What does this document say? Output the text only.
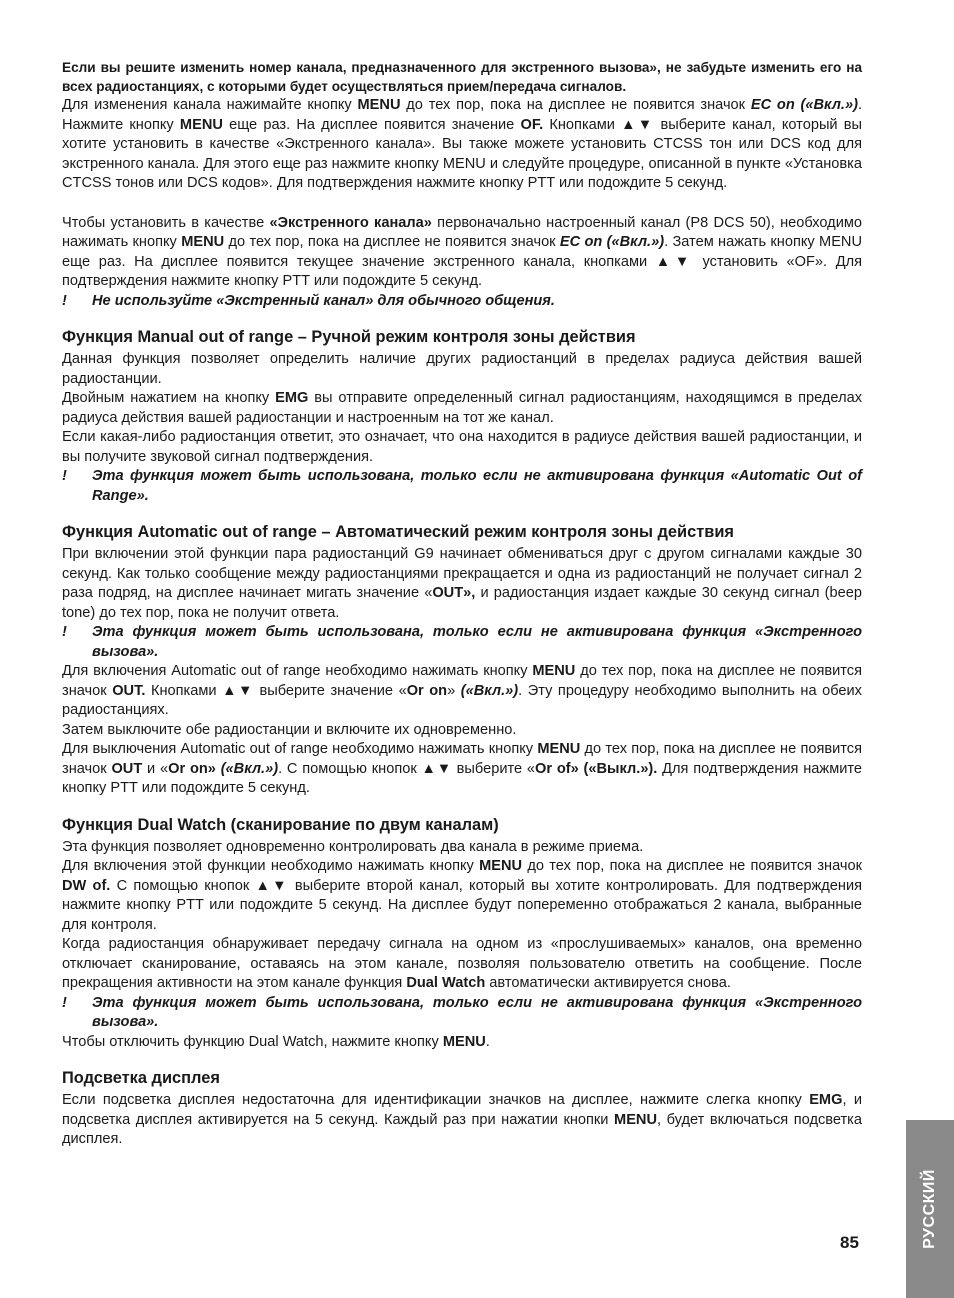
Если вы решите изменить номер канала, предназначенного для экстренного вызова», не забудьте изменить его на всех радиостанциях, с которыми будет осуществляться прием/передача сигналов.

Для изменения канала нажимайте кнопку MENU до тех пор, пока на дисплее не появится значок EC on («Вкл.»). Нажмите кнопку MENU еще раз. На дисплее появится значение OF. Кнопками ▲▼ выберите канал, который вы хотите установить в качестве «Экстренного канала». Вы также можете установить CTCSS тон или DCS код для экстренного канала. Для этого еще раз нажмите кнопку MENU и следуйте процедуре, описанной в пункте «Установка CTCSS тонов или DCS кодов». Для подтверждения нажмите кнопку PTT или подождите 5 секунд.

Чтобы установить в качестве «Экстренного канала» первоначально настроенный канал (P8 DCS 50), необходимо нажимать кнопку MENU до тех пор, пока на дисплее не появится значок EC on («Вкл.»). Затем нажать кнопку MENU еще раз. На дисплее появится текущее значение экстренного канала, кнопками ▲▼ установить «OF». Для подтверждения нажмите кнопку PTT или подождите 5 секунд.

! Не используйте «Экстренный канал» для обычного общения.

Функция Manual out of range – Ручной режим контроля зоны действия

Данная функция позволяет определить наличие других радиостанций в пределах радиуса действия вашей радиостанции.

Двойным нажатием на кнопку EMG вы отправите определенный сигнал радиостанциям, находящимся в пределах радиуса действия вашей радиостанции и настроенным на тот же канал.

Если какая-либо радиостанция ответит, это означает, что она находится в радиусе действия вашей радиостанции, и вы получите звуковой сигнал подтверждения.

! Эта функция может быть использована, только если не активирована функция «Automatic Out of Range».

Функция Automatic out of range – Автоматический режим контроля зоны действия

При включении этой функции пара радиостанций G9 начинает обмениваться друг с другом сигналами каждые 30 секунд. Как только сообщение между радиостанциями прекращается и одна из радиостанций не получает сигнал 2 раза подряд, на дисплее начинает мигать значение «OUT», и радиостанция издает каждые 30 секунд сигнал (beep tone) до тех пор, пока не получит ответа.

! Эта функция может быть использована, только если не активирована функция «Экстренного вызова».

Для включения Automatic out of range необходимо нажимать кнопку MENU до тех пор, пока на дисплее не появится значок OUT. Кнопками ▲▼ выберите значение «Or on» («Вкл.»). Эту процедуру необходимо выполнить на обеих радиостанциях.

Затем выключите обе радиостанции и включите их одновременно.

Для выключения Automatic out of range необходимо нажимать кнопку MENU до тех пор, пока на дисплее не появится значок OUT и «Or on» («Вкл.»). С помощью кнопок ▲▼ выберите «Or of» («Выкл.»). Для подтверждения нажмите кнопку PTT или подождите 5 секунд.

Функция Dual Watch (сканирование по двум каналам)

Эта функция позволяет одновременно контролировать два канала в режиме приема.

Для включения этой функции необходимо нажимать кнопку MENU до тех пор, пока на дисплее не появится значок DW of. С помощью кнопок ▲▼ выберите второй канал, который вы хотите контролировать. Для подтверждения нажмите кнопку PTT или подождите 5 секунд. На дисплее будут попеременно отображаться 2 канала, выбранные для контроля.

Когда радиостанция обнаруживает передачу сигнала на одном из «прослушиваемых» каналов, она временно отключает сканирование, оставаясь на этом канале, позволяя пользователю ответить на сообщение. После прекращения активности на этом канале функция Dual Watch автоматически активируется снова.

! Эта функция может быть использована, только если не активирована функция «Экстренного вызова».

Чтобы отключить функцию Dual Watch, нажмите кнопку MENU.

Подсветка дисплея

Если подсветка дисплея недостаточна для идентификации значков на дисплее, нажмите слегка кнопку EMG, и подсветка дисплея активируется на 5 секунд. Каждый раз при нажатии кнопки MENU, будет включаться подсветка дисплея.

85	РУССКИЙ
